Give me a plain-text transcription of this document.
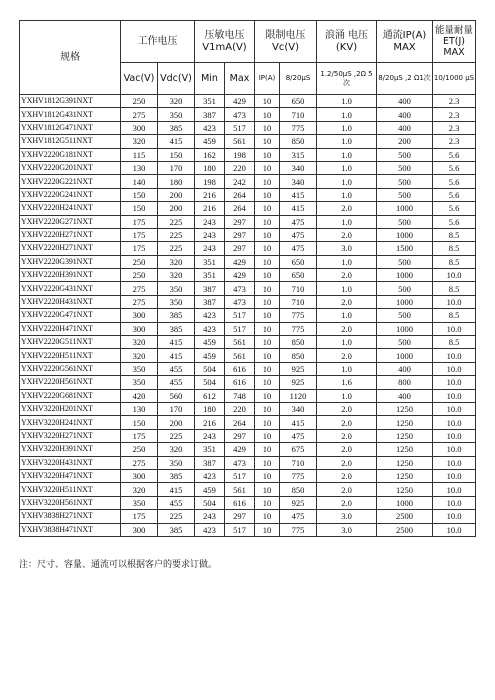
规格	工作电压		压敏电压
V1mA(V)		限制电压
Vc(V)		浪涌 电压
(KV)	通流IP(A)
MAX	能量耐量ET(J) MAX
	Vac(V)	Vdc(V)	Min	Max	IP(A)	8/20μS	1.2/50μS ,2Ω 5次	8/20μS ,2 Ω1次	10/1000 μS
YXHV1812G391NXT	250	320	351	429	10	650	1.0	400	2.3
YXHV1812G431NXT	275	350	387	473	10	710	1.0	400	2.3
YXHV1812G471NXT	300	385	423	517	10	775	1.0	400	2.3
YXHV1812G511NXT	320	415	459	561	10	850	1.0	200	2.3
YXHV2220G181NXT	115	150	162	198	10	315	1.0	500	5.6
YXHV2220G201NXT	130	170	180	220	10	340	1.0	500	5.6
YXHV2220G221NXT	140	180	198	242	10	340	1.0	500	5.6
YXHV2220G241NXT	150	200	216	264	10	415	1.0	500	5.6
YXHV2220H241NXT	150	200	216	264	10	415	2.0	1000	5.6
YXHV2220G271NXT	175	225	243	297	10	475	1.0	500	5.6
YXHV2220H271NXT	175	225	243	297	10	475	2.0	1000	8.5
YXHV2220H271NXT	175	225	243	297	10	475	3.0	1500	8.5
YXHV2220G391NXT	250	320	351	429	10	650	1.0	500	8.5
YXHV2220H391NXT	250	320	351	429	10	650	2.0	1000	10.0
YXHV2220G431NXT	275	350	387	473	10	710	1.0	500	8.5
YXHV2220H431NXT	275	350	387	473	10	710	2.0	1000	10.0
YXHV2220G471NXT	300	385	423	517	10	775	1.0	500	8.5
YXHV2220H471NXT	300	385	423	517	10	775	2.0	1000	10.0
YXHV2220G511NXT	320	415	459	561	10	850	1.0	500	8.5
YXHV2220H511NXT	320	415	459	561	10	850	2.0	1000	10.0
YXHV2220G561NXT	350	455	504	616	10	925	1.0	400	10.0
YXHV2220H561NXT	350	455	504	616	10	925	1.6	800	10.0
YXHV2220G681NXT	420	560	612	748	10	1120	1.0	400	10.0
YXHV3220H201NXT	130	170	180	220	10	340	2.0	1250	10.0
YXHV3220H241NXT	150	200	216	264	10	415	2.0	1250	10.0
YXHV3220H271NXT	175	225	243	297	10	475	2.0	1250	10.0
YXHV3220H391NXT	250	320	351	429	10	675	2.0	1250	10.0
YXHV3220H431NXT	275	350	387	473	10	710	2.0	1250	10.0
YXHV3220H471NXT	300	385	423	517	10	775	2.0	1250	10.0
YXHV3220H511NXT	320	415	459	561	10	850	2.0	1250	10.0
YXHV3220H561NXT	350	455	504	616	10	925	2.0	1000	10.0
YXHV3838H271NXT	175	225	243	297	10	475	3.0	2500	10.0
YXHV3838H471NXT	300	385	423	517	10	775	3.0	2500	10.0
注：尺寸、容量、通流可以根据客户的要求订做。
